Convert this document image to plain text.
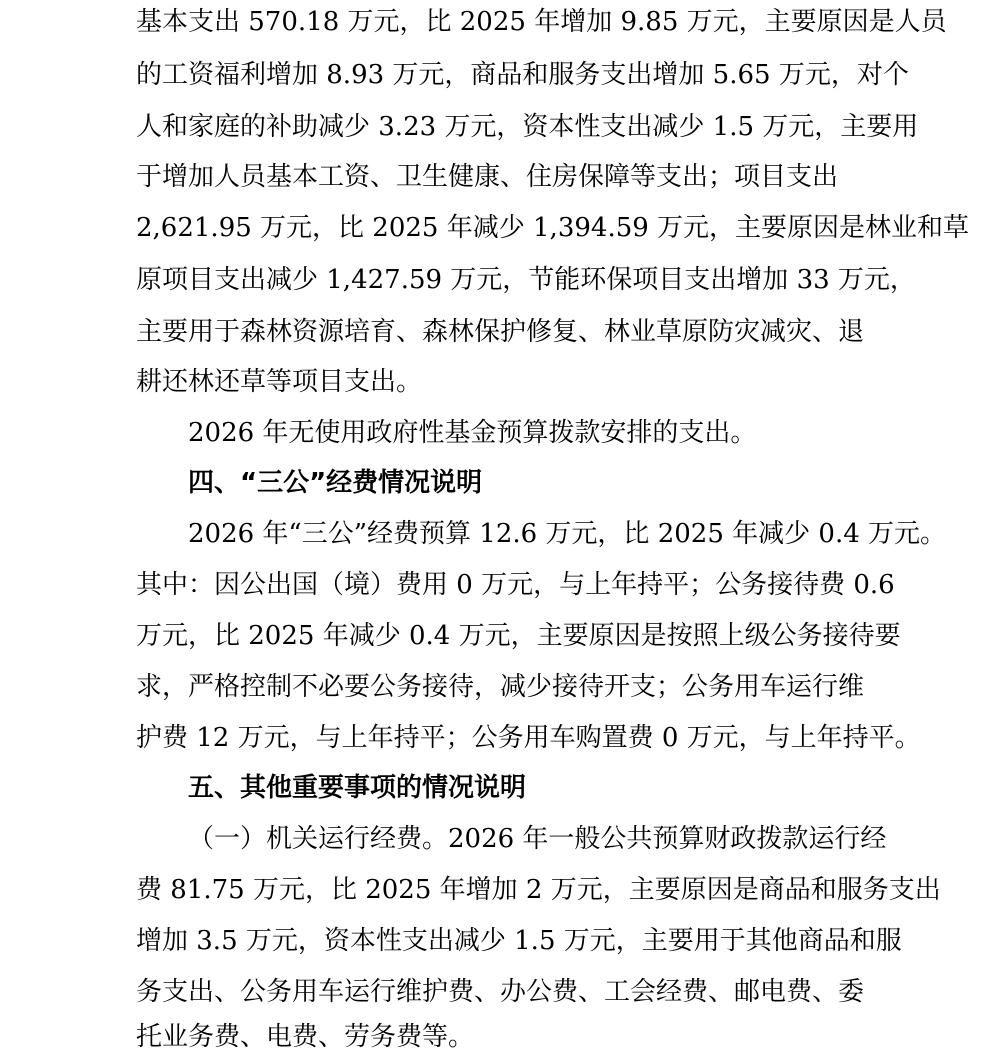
基本支出 570.18 万元，比 2025 年增加 9.85 万元，主要原因是人员
的工资福利增加 8.93 万元，商品和服务支出增加 5.65 万元，对个
人和家庭的补助减少 3.23 万元，资本性支出减少 1.5 万元，主要用
于增加人员基本工资、卫生健康、住房保障等支出；项目支出
2,621.95 万元，比 2025 年减少 1,394.59 万元，主要原因是林业和草
原项目支出减少 1,427.59 万元，节能环保项目支出增加 33 万元，
主要用于森林资源培育、森林保护修复、林业草原防灾减灾、退
耕还林还草等项目支出。
2026 年无使用政府性基金预算拨款安排的支出。
四、“三公”经费情况说明
2026 年“三公”经费预算 12.6 万元，比 2025 年减少 0.4 万元。
其中：因公出国（境）费用 0 万元，与上年持平；公务接待费 0.6
万元，比 2025 年减少 0.4 万元，主要原因是按照上级公务接待要
求，严格控制不必要公务接待，减少接待开支；公务用车运行维
护费 12 万元，与上年持平；公务用车购置费 0 万元，与上年持平。
五、其他重要事项的情况说明
（一）机关运行经费。2026 年一般公共预算财政拨款运行经
费 81.75 万元，比 2025 年增加 2 万元，主要原因是商品和服务支出
增加 3.5 万元，资本性支出减少 1.5 万元，主要用于其他商品和服
务支出、公务用车运行维护费、办公费、工会经费、邮电费、委
托业务费、电费、劳务费等。
